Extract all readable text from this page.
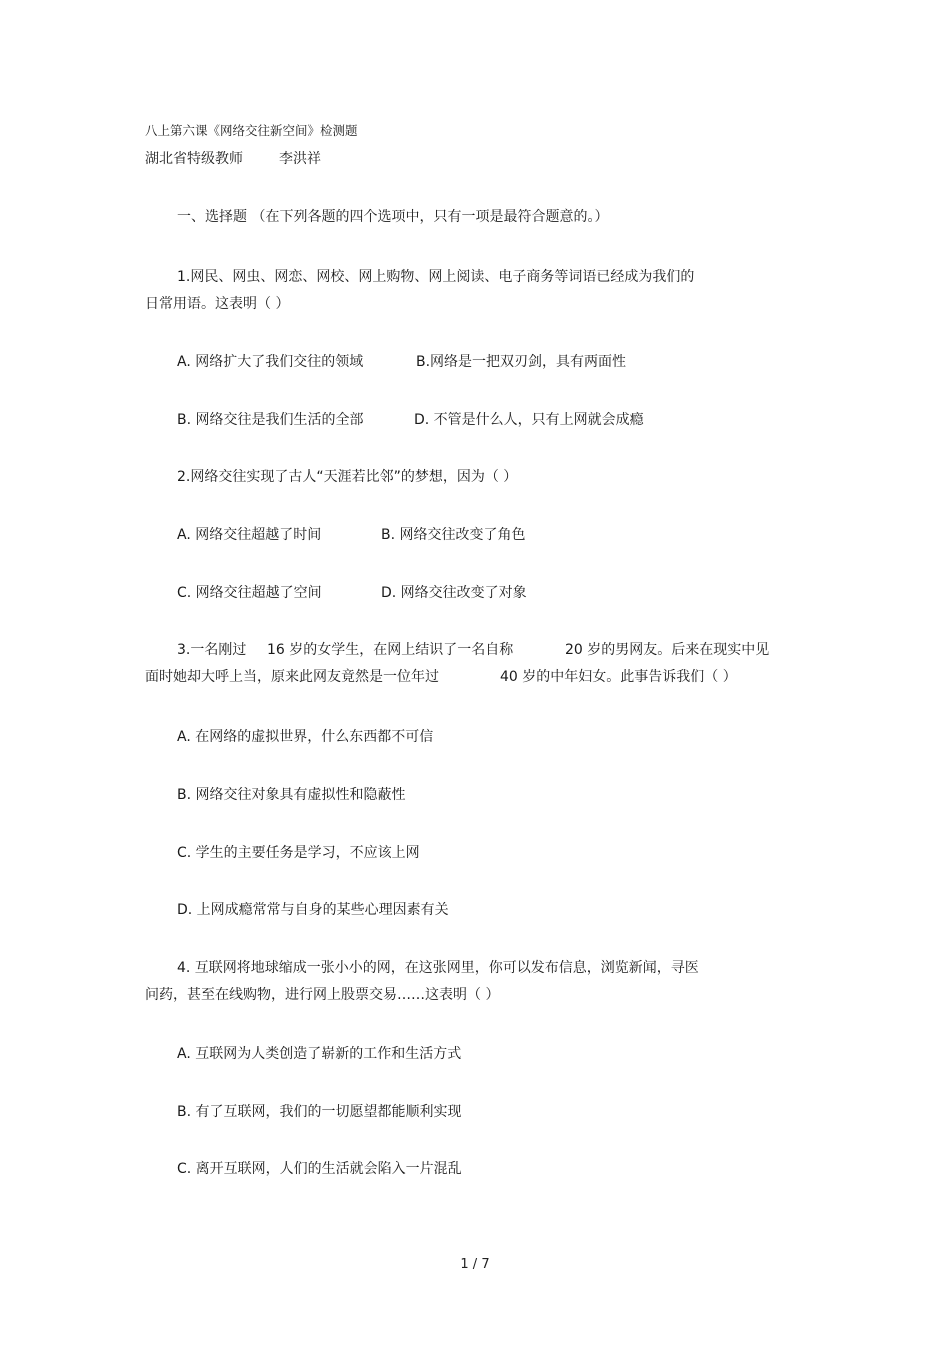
八上第六课《网络交往新空间》检测题
湖北省特级教师	李洪祥
一、选择题 （在下列各题的四个选项中，只有一项是最符合题意的。）
1.网民、网虫、网恋、网校、网上购物、网上阅读、电子商务等词语已经成为我们的
日常用语。这表明（ ）
A. 网络扩大了我们交往的领域	B.网络是一把双刃剑，具有两面性
B. 网络交往是我们生活的全部	D. 不管是什么人，只有上网就会成瘾
2.网络交往实现了古人“天涯若比邻”的梦想，因为（ ）
A. 网络交往超越了时间	B. 网络交往改变了角色
C. 网络交往超越了空间	D. 网络交往改变了对象
3.一名刚过 16 岁的女学生，在网上结识了一名自称	20 岁的男网友。后来在现实中见
面时她却大呼上当，原来此网友竟然是一位年过	40 岁的中年妇女。此事告诉我们（ ）
A. 在网络的虚拟世界，什么东西都不可信
B. 网络交往对象具有虚拟性和隐蔽性
C. 学生的主要任务是学习，不应该上网
D. 上网成瘾常常与自身的某些心理因素有关
4. 互联网将地球缩成一张小小的网，在这张网里，你可以发布信息，浏览新闻，寻医
问药，甚至在线购物，进行网上股票交易……这表明（ ）
A. 互联网为人类创造了崭新的工作和生活方式
B. 有了互联网，我们的一切愿望都能顺利实现
C. 离开互联网，人们的生活就会陷入一片混乱
1 / 7
